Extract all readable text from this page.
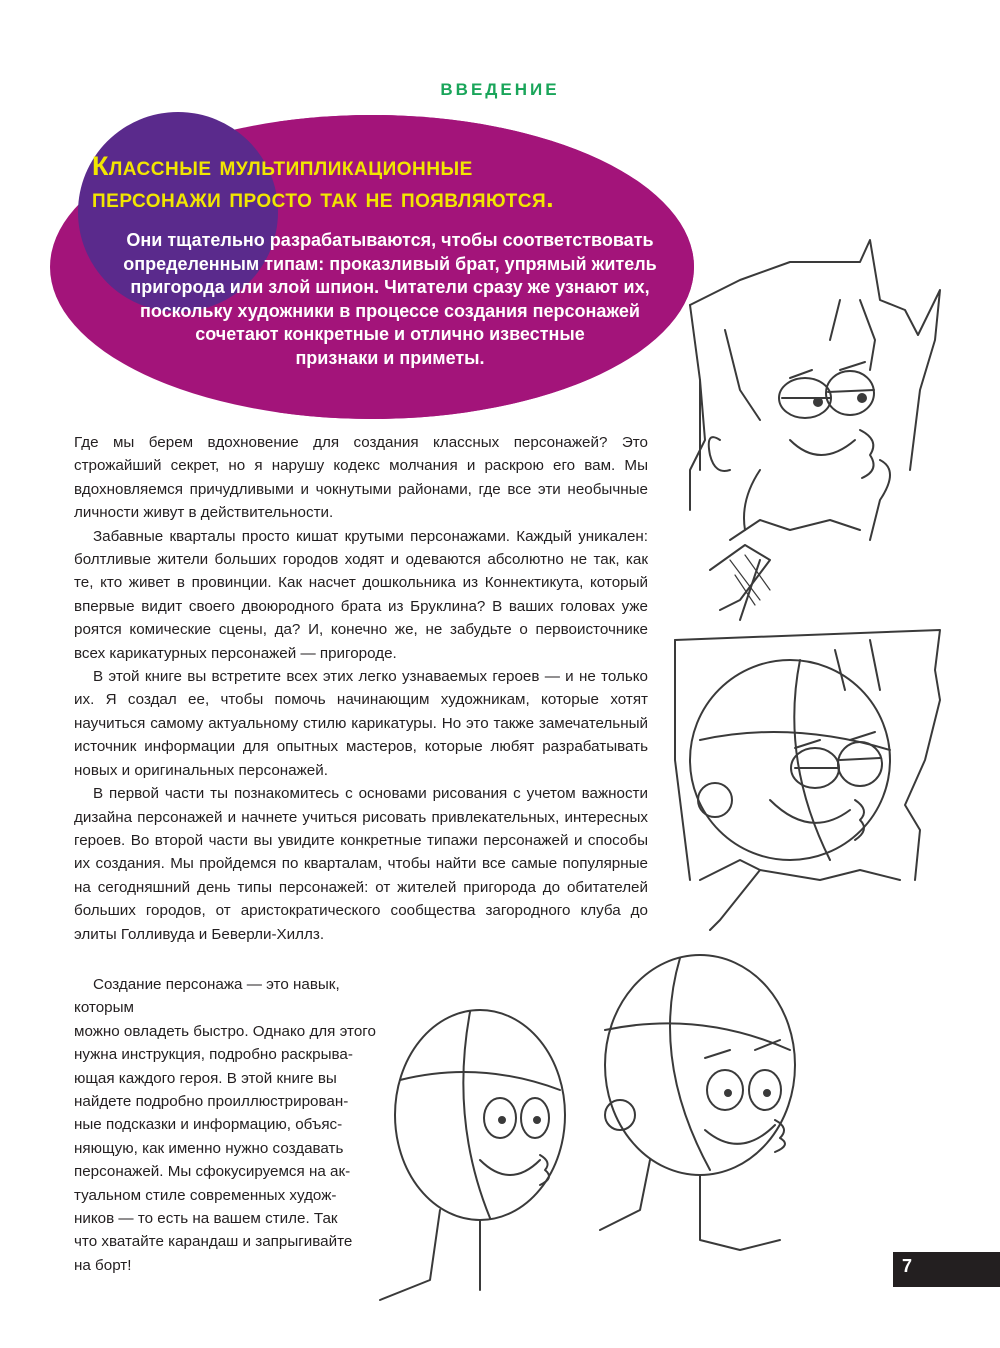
ВВЕДЕНИЕ
Классные мультипликационные
персонажи просто так не появляются.
Они тщательно разрабатываются, чтобы соответствовать
определенным типам: проказливый брат, упрямый житель
пригорода или злой шпион. Читатели сразу же узнают их,
поскольку художники в процессе создания персонажей
сочетают конкретные и отлично известные
признаки и приметы.

Где мы берем вдохновение для создания классных персонажей? Это строжайший секрет, но я нарушу кодекс молчания и раскрою его вам. Мы вдохновляемся причудливыми и чокнутыми районами, где все эти необычные личности живут в действительности.

Забавные кварталы просто кишат крутыми персонажами. Каждый уникален: болтливые жители больших городов ходят и одеваются абсолютно не так, как те, кто живет в провинции. Как насчет дошкольника из Коннектикута, который впервые видит своего двоюродного брата из Бруклина? В ваших головах уже роятся комические сцены, да? И, конечно же, не забудьте о первоисточнике всех карикатурных персонажей — пригороде.

В этой книге вы встретите всех этих легко узнаваемых героев — и не только их. Я создал ее, чтобы помочь начинающим художникам, которые хотят научиться самому актуальному стилю карикатуры. Но это также замечательный источник информации для опытных мастеров, которые любят разрабатывать новых и оригинальных персонажей.

В первой части ты познакомитесь с основами рисования с учетом важности дизайна персонажей и начнете учиться рисовать привлекательных, интересных героев. Во второй части вы увидите конкретные типажи персонажей и способы их создания. Мы пройдемся по кварталам, чтобы найти все самые популярные на сегодняшний день типы персонажей: от жителей пригорода до обитателей больших городов, от аристократического сообщества загородного клуба до элиты Голливуда и Беверли-Хиллз.

Создание персонажа — это навык, которым
можно овладеть быстро. Однако для этого
нужна инструкция, подробно раскрыва-
ющая каждого героя. В этой книге вы
найдете подробно проиллюстрирован-
ные подсказки и информацию, объяс-
няющую, как именно нужно создавать
персонажей. Мы сфокусируемся на ак-
туальном стиле современных худож-
ников — то есть на вашем стиле. Так
что хватайте карандаш и запрыгивайте
на борт!	7
